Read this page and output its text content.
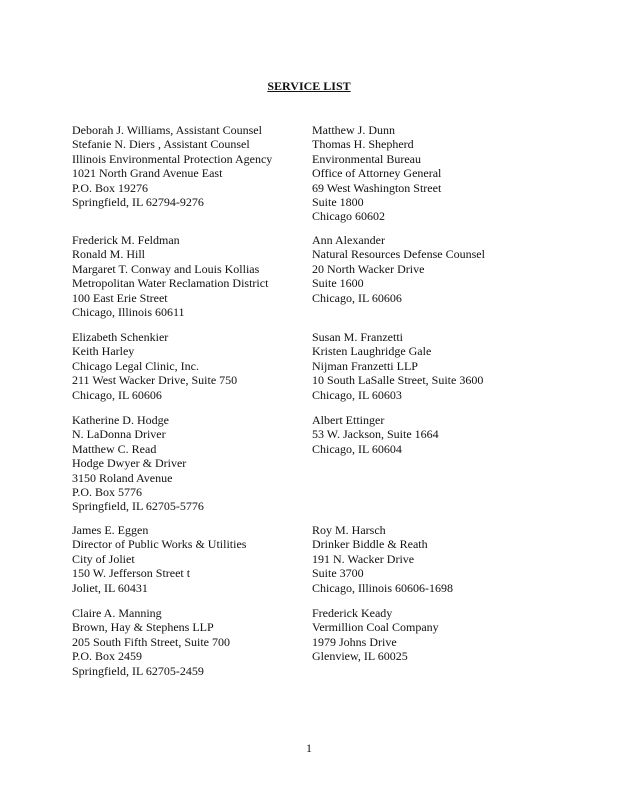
SERVICE LIST
Deborah J. Williams, Assistant Counsel
Stefanie N. Diers , Assistant Counsel
Illinois Environmental Protection Agency
1021 North Grand Avenue East
P.O. Box 19276
Springfield, IL 62794-9276
Matthew J. Dunn
Thomas H. Shepherd
Environmental Bureau
Office of Attorney General
69 West Washington Street
Suite 1800
Chicago 60602
Frederick M. Feldman
Ronald M. Hill
Margaret T. Conway and Louis Kollias
Metropolitan Water Reclamation District
100 East Erie Street
Chicago, Illinois 60611
Ann Alexander
Natural Resources Defense Counsel
20 North Wacker Drive
Suite 1600
Chicago, IL 60606
Elizabeth Schenkier
Keith Harley
Chicago Legal Clinic, Inc.
211 West Wacker Drive, Suite 750
Chicago, IL 60606
Susan M. Franzetti
Kristen Laughridge Gale
Nijman Franzetti LLP
10 South LaSalle Street, Suite 3600
Chicago, IL 60603
Katherine D. Hodge
N. LaDonna Driver
Matthew C. Read
Hodge Dwyer & Driver
3150 Roland Avenue
P.O. Box 5776
Springfield, IL 62705-5776
Albert Ettinger
53 W. Jackson, Suite 1664
Chicago, IL 60604
James E. Eggen
Director of Public Works & Utilities
City of Joliet
150 W. Jefferson Street t
Joliet, IL 60431
Roy M. Harsch
Drinker Biddle & Reath
191 N. Wacker Drive
Suite 3700
Chicago, Illinois 60606-1698
Claire A. Manning
Brown, Hay & Stephens LLP
205 South Fifth Street, Suite 700
P.O. Box 2459
Springfield, IL 62705-2459
Frederick Keady
Vermillion Coal Company
1979 Johns Drive
Glenview, IL 60025
1
